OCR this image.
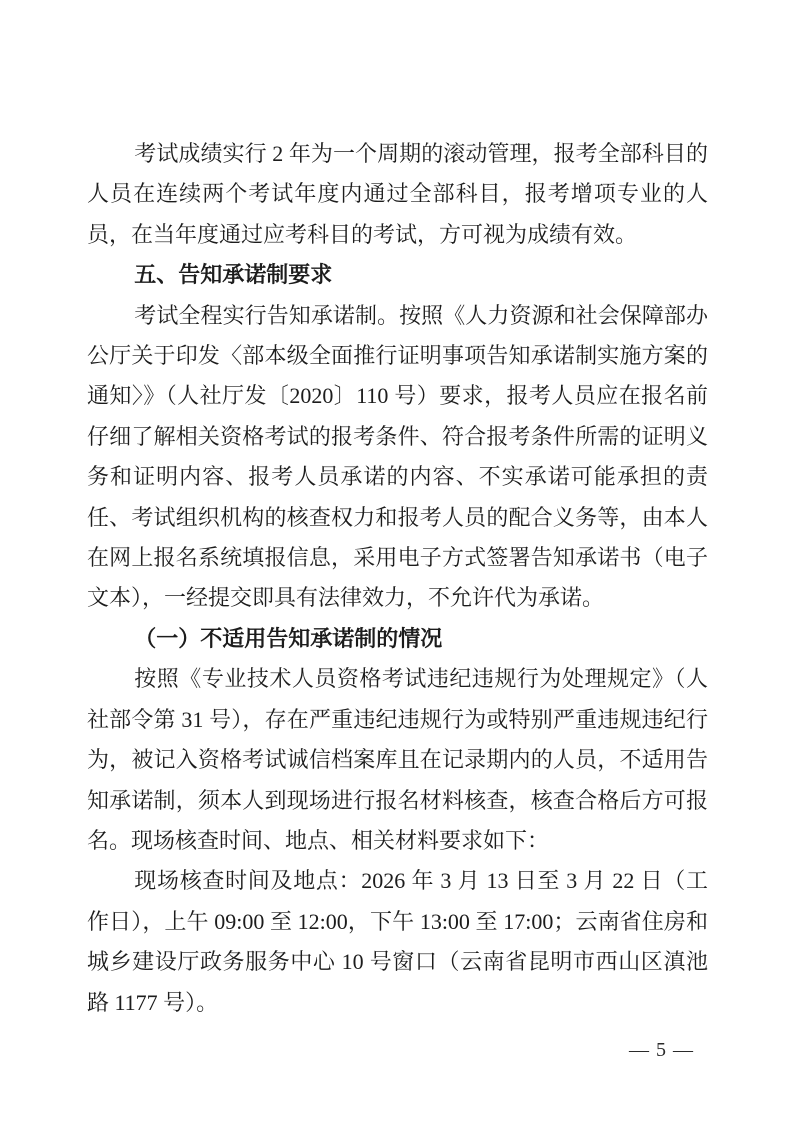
考试成绩实行 2 年为一个周期的滚动管理，报考全部科目的人员在连续两个考试年度内通过全部科目，报考增项专业的人员，在当年度通过应考科目的考试，方可视为成绩有效。

五、告知承诺制要求

考试全程实行告知承诺制。按照《人力资源和社会保障部办公厅关于印发〈部本级全面推行证明事项告知承诺制实施方案的通知〉》（人社厅发〔2020〕110 号）要求，报考人员应在报名前仔细了解相关资格考试的报考条件、符合报考条件所需的证明义务和证明内容、报考人员承诺的内容、不实承诺可能承担的责任、考试组织机构的核查权力和报考人员的配合义务等，由本人在网上报名系统填报信息，采用电子方式签署告知承诺书（电子文本），一经提交即具有法律效力，不允许代为承诺。

（一）不适用告知承诺制的情况

按照《专业技术人员资格考试违纪违规行为处理规定》（人社部令第 31 号），存在严重违纪违规行为或特别严重违规违纪行为，被记入资格考试诚信档案库且在记录期内的人员，不适用告知承诺制，须本人到现场进行报名材料核查，核查合格后方可报名。现场核查时间、地点、相关材料要求如下：

现场核查时间及地点：2026 年 3 月 13 日至 3 月 22 日（工作日），上午 09:00 至 12:00，下午 13:00 至 17:00；云南省住房和城乡建设厅政务服务中心 10 号窗口（云南省昆明市西山区滇池路 1177 号）。

— 5 —
